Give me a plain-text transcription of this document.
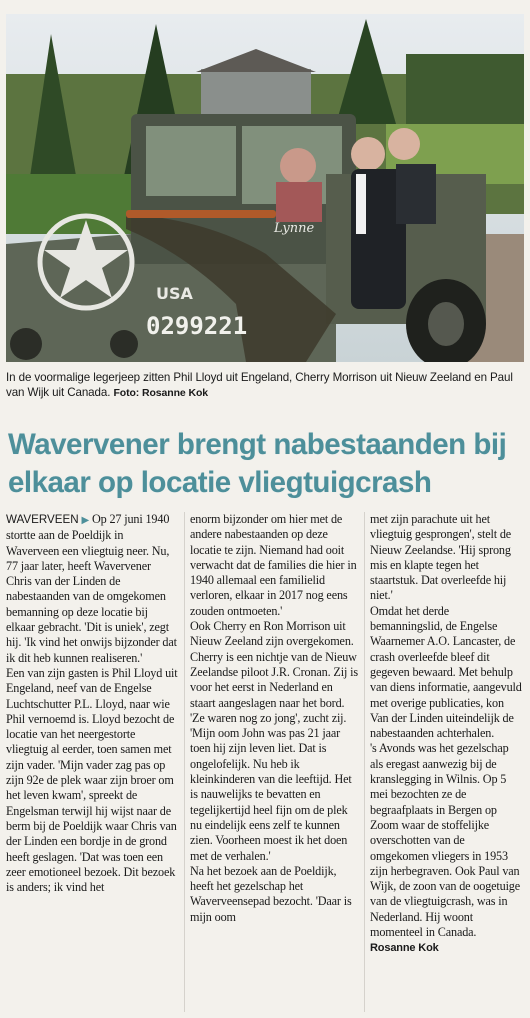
USA
0299221
Lynne
In de voormalige legerjeep zitten Phil Lloyd uit Engeland, Cherry Morrison uit Nieuw Zeeland en Paul van Wijk uit Canada. Foto: Rosanne Kok
Wavervener brengt nabestaanden bij elkaar op locatie vliegtuigcrash
WAVERVEEN ▶ Op 27 juni 1940 stortte aan de Poeldijk in Waverveen een vliegtuig neer. Nu, 77 jaar later, heeft Wavervener Chris van der Linden de nabestaanden van de omgekomen bemanning op deze locatie bij elkaar gebracht. 'Dit is uniek', zegt hij. 'Ik vind het onwijs bijzonder dat ik dit heb kunnen realiseren.'
Een van zijn gasten is Phil Lloyd uit Engeland, neef van de Engelse Luchtschutter P.L. Lloyd, naar wie Phil vernoemd is. Lloyd bezocht de locatie van het neergestorte vliegtuig al eerder, toen samen met zijn vader. 'Mijn vader zag pas op zijn 92e de plek waar zijn broer om het leven kwam', spreekt de Engelsman terwijl hij wijst naar de berm bij de Poeldijk waar Chris van der Linden een bordje in de grond heeft geslagen. 'Dat was toen een zeer emotioneel bezoek. Dit bezoek is anders; ik vind het
enorm bijzonder om hier met de andere nabestaanden op deze locatie te zijn. Niemand had ooit verwacht dat de families die hier in 1940 allemaal een familielid verloren, elkaar in 2017 nog eens zouden ontmoeten.'
Ook Cherry en Ron Morrison uit Nieuw Zeeland zijn overgekomen. Cherry is een nichtje van de Nieuw Zeelandse piloot J.R. Cronan. Zij is voor het eerst in Nederland en staart aangeslagen naar het bord. 'Ze waren nog zo jong', zucht zij. 'Mijn oom John was pas 21 jaar toen hij zijn leven liet. Dat is ongelofelijk. Nu heb ik kleinkinderen van die leeftijd. Het is nauwelijks te bevatten en tegelijkertijd heel fijn om de plek nu eindelijk eens zelf te kunnen zien. Voorheen moest ik het doen met de verhalen.'
Na het bezoek aan de Poeldijk, heeft het gezelschap het Waverveensepad bezocht. 'Daar is mijn oom
met zijn parachute uit het vliegtuig gesprongen', stelt de Nieuw Zeelandse. 'Hij sprong mis en klapte tegen het staartstuk. Dat overleefde hij niet.'
Omdat het derde bemanningslid, de Engelse Waarnemer A.O. Lancaster, de crash overleefde bleef dit gegeven bewaard. Met behulp van diens informatie, aangevuld met overige publicaties, kon Van der Linden uiteindelijk de nabestaanden achterhalen.
's Avonds was het gezelschap als eregast aanwezig bij de kranslegging in Wilnis. Op 5 mei bezochten ze de begraafplaats in Bergen op Zoom waar de stoffelijke overschotten van de omgekomen vliegers in 1953 zijn herbegraven. Ook Paul van Wijk, de zoon van de oogetuige van de vliegtuigcrash, was in Nederland. Hij woont momenteel in Canada.
Rosanne Kok
